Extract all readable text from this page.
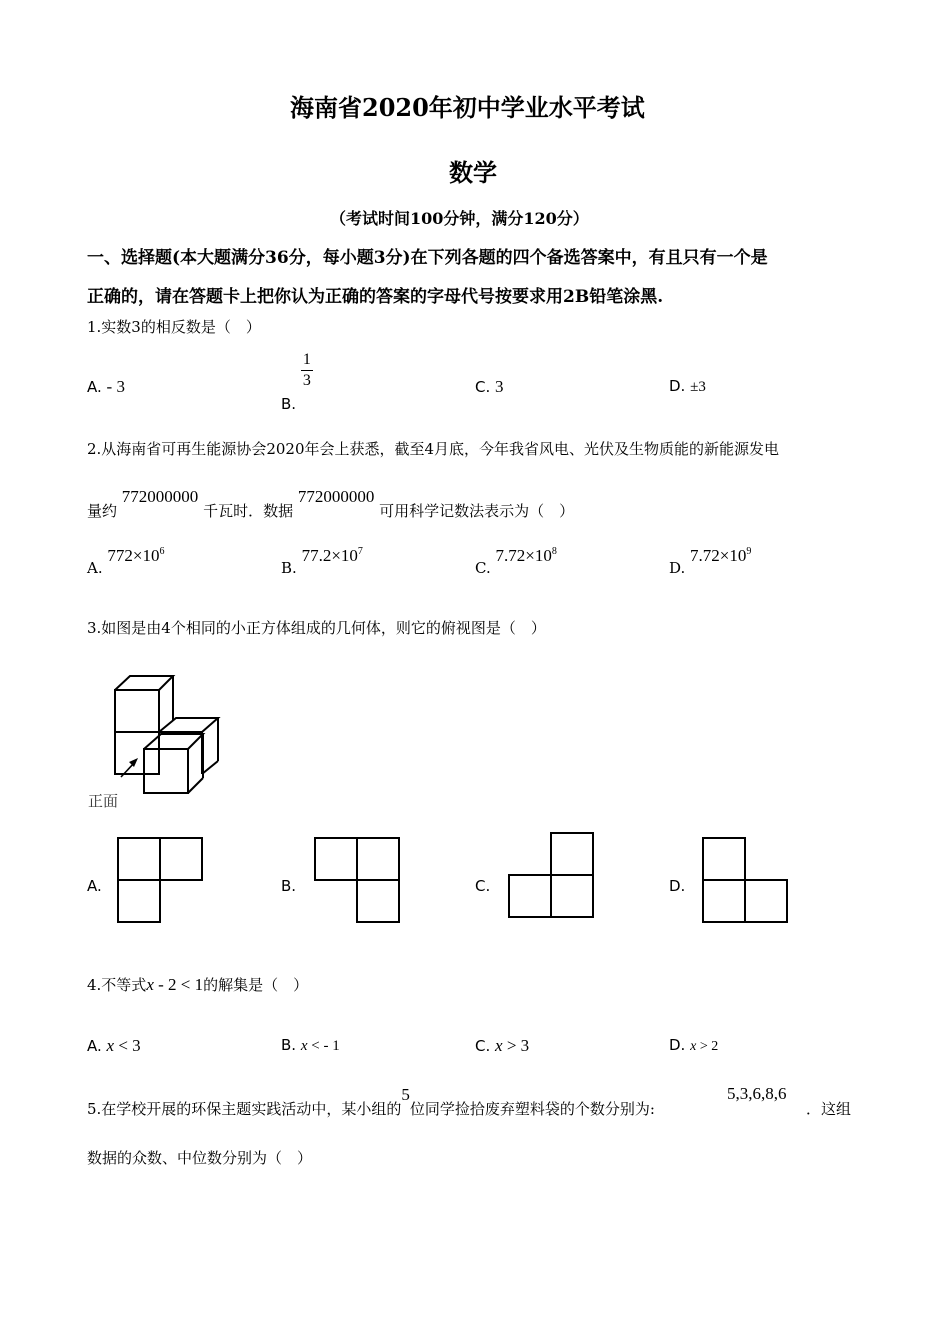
海南省2020年初中学业水平考试
数学
（考试时间100分钟，满分120分）
一、选择题(本大题满分36分，每小题3分)在下列各题的四个备选答案中，有且只有一个是
正确的，请在答题卡上把你认为正确的答案的字母代号按要求用2B铅笔涂黑.
1.实数3的相反数是（　）
A. - 3
B.
$\frac{1}{3}$	C. 3	D. ±3
2.从海南省可再生能源协会2020年会上获悉，截至4月底，今年我省风电、光伏及生物质能的新能源发电
量约 772000000 千瓦时．数据 772000000 可用科学记数法表示为（　）
A. $772\times 10^6$
B. $77.2\times 10^7$
C. $7.72\times 10^8$
D. $7.72\times 10^9$
3.如图是由4个相同的小正方体组成的几何体，则它的俯视图是（　）
正面
A.	B.	C.	D.
4.不等式x - 2 < 1的解集是（　）
A. x < 3	B. x < - 1	C. x > 3	D. x > 2
5.在学校开展的环保主题实践活动中，某小组的5位同学捡拾废弃塑料袋的个数分别为:
5,3,6,8,6
．这组
数据的众数、中位数分别为（　）
